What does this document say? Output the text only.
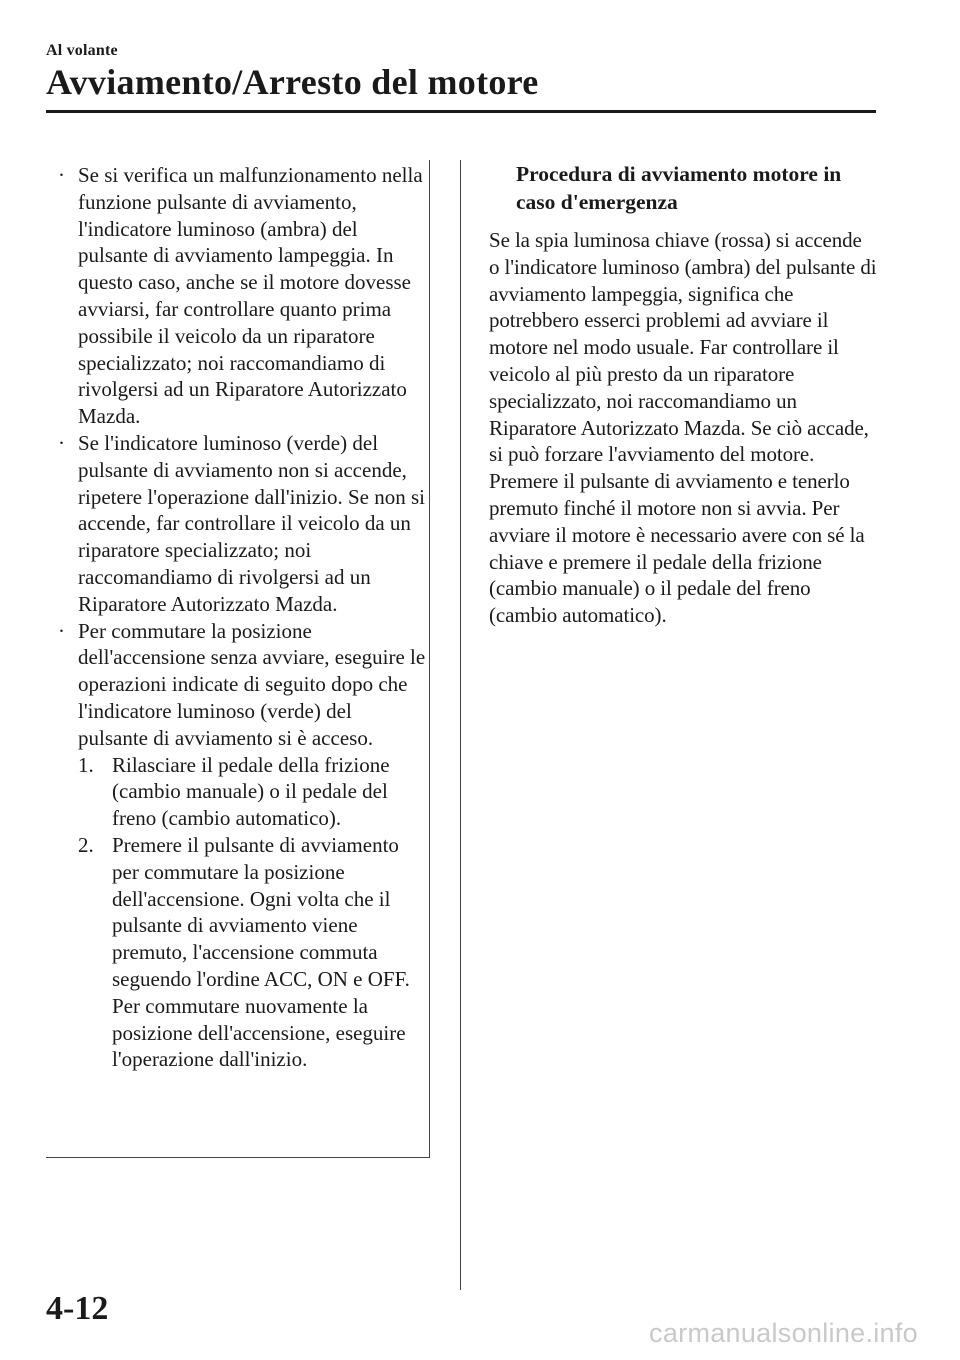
Al volante
Avviamento/Arresto del motore
· Se si verifica un malfunzionamento nella funzione pulsante di avviamento, l'indicatore luminoso (ambra) del pulsante di avviamento lampeggia. In questo caso, anche se il motore dovesse avviarsi, far controllare quanto prima possibile il veicolo da un riparatore specializzato; noi raccomandiamo di rivolgersi ad un Riparatore Autorizzato Mazda.
· Se l'indicatore luminoso (verde) del pulsante di avviamento non si accende, ripetere l'operazione dall'inizio. Se non si accende, far controllare il veicolo da un riparatore specializzato; noi raccomandiamo di rivolgersi ad un Riparatore Autorizzato Mazda.
· Per commutare la posizione dell'accensione senza avviare, eseguire le operazioni indicate di seguito dopo che l'indicatore luminoso (verde) del pulsante di avviamento si è acceso.
1. Rilasciare il pedale della frizione (cambio manuale) o il pedale del freno (cambio automatico).
2. Premere il pulsante di avviamento per commutare la posizione dell'accensione. Ogni volta che il pulsante di avviamento viene premuto, l'accensione commuta seguendo l'ordine ACC, ON e OFF. Per commutare nuovamente la posizione dell'accensione, eseguire l'operazione dall'inizio.
Procedura di avviamento motore in caso d'emergenza

Se la spia luminosa chiave (rossa) si accende o l'indicatore luminoso (ambra) del pulsante di avviamento lampeggia, significa che potrebbero esserci problemi ad avviare il motore nel modo usuale. Far controllare il veicolo al più presto da un riparatore specializzato, noi raccomandiamo un Riparatore Autorizzato Mazda. Se ciò accade, si può forzare l'avviamento del motore. Premere il pulsante di avviamento e tenerlo premuto finché il motore non si avvia. Per avviare il motore è necessario avere con sé la chiave e premere il pedale della frizione (cambio manuale) o il pedale del freno (cambio automatico).

4-12
carmanualsonline.info
